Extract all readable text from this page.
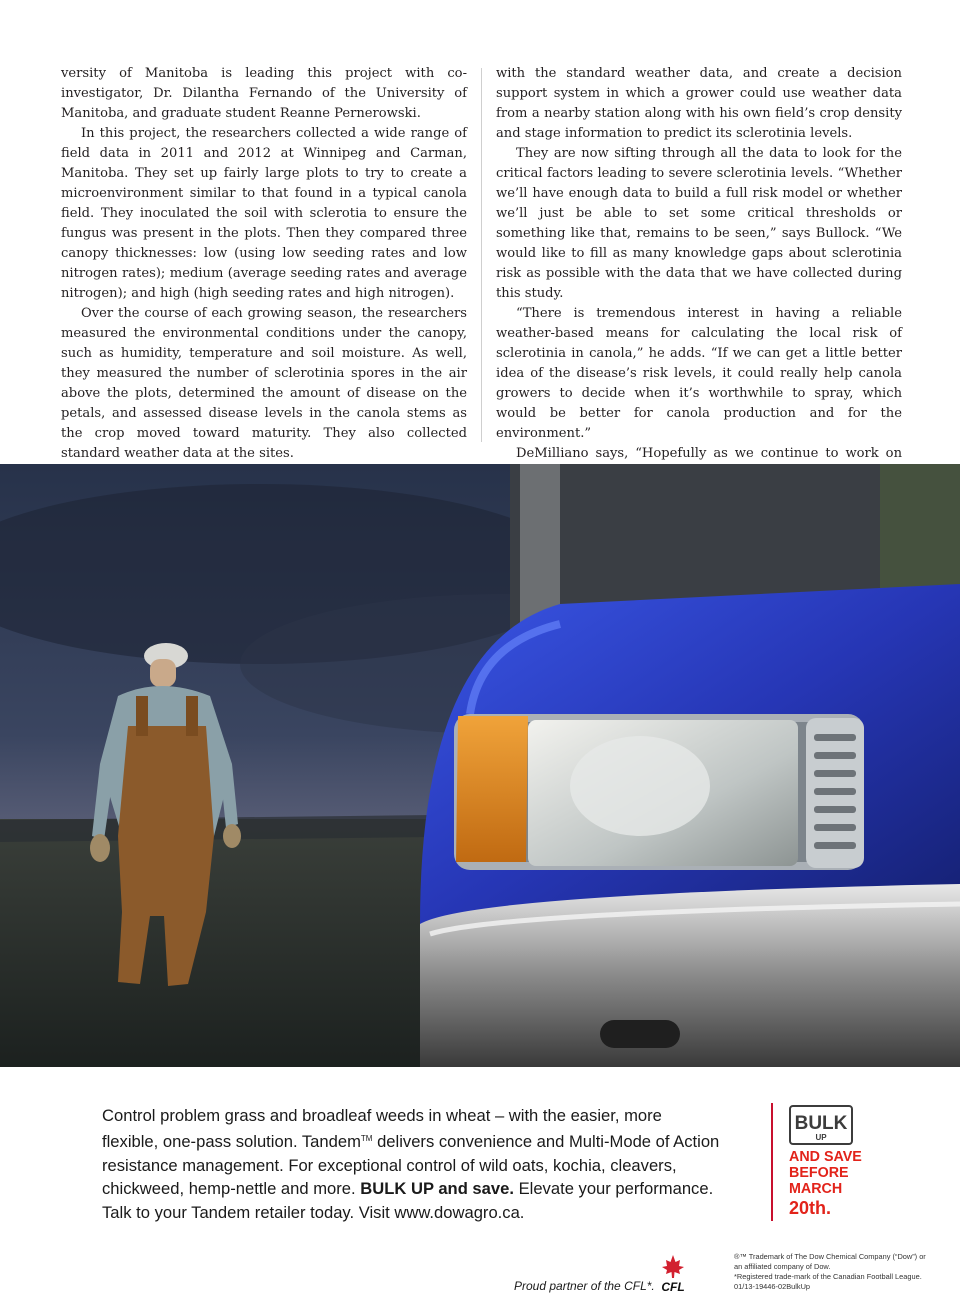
versity of Manitoba is leading this project with co-investigator, Dr. Dilantha Fernando of the University of Manitoba, and graduate student Reanne Pernerowski.

In this project, the researchers collected a wide range of field data in 2011 and 2012 at Winnipeg and Carman, Manitoba. They set up fairly large plots to try to create a microenvironment similar to that found in a typical canola field. They inoculated the soil with sclerotia to ensure the fungus was present in the plots. Then they compared three canopy thicknesses: low (using low seeding rates and low nitrogen rates); medium (average seeding rates and average nitrogen); and high (high seeding rates and high nitrogen).

Over the course of each growing season, the researchers measured the environmental conditions under the canopy, such as humidity, temperature and soil moisture. As well, they measured the number of sclerotinia spores in the air above the plots, determined the amount of disease on the petals, and assessed disease levels in the canola stems as the crop moved toward maturity. They also collected standard weather data at the sites.

with the standard weather data, and create a decision support system in which a grower could use weather data from a nearby station along with his own field’s crop density and stage information to predict its sclerotinia levels.

They are now sifting through all the data to look for the critical factors leading to severe sclerotinia levels. “Whether we’ll have enough data to build a full risk model or whether we’ll just be able to set some critical thresholds or something like that, remains to be seen,” says Bullock. “We would like to fill as many knowledge gaps about sclerotinia risk as possible with the data that we have collected during this study.

“There is tremendous interest in having a reliable weather-based means for calculating the local risk of sclerotinia in canola,” he adds. “If we can get a little better idea of the disease’s risk levels, it could really help canola growers to decide when it’s worthwhile to spray, which would be better for canola production and for the environment.”

DeMilliano says, “Hopefully as we continue to work on

Control problem grass and broadleaf weeds in wheat – with the easier, more
flexible, one-pass solution. Tandem™ delivers convenience and Multi-Mode of Action
resistance management. For exceptional control of wild oats, kochia, cleavers,
chickweed, hemp-nettle and more. BULK UP and save. Elevate your performance.
Talk to your Tandem retailer today. Visit www.dowagro.ca.
BULK
UP
AND SAVE
BEFORE
MARCH
20th.
Proud partner of the CFL*. CFL
®™ Trademark of The Dow Chemical Company (“Dow”) or
an affiliated company of Dow.
*Registered trade-mark of the Canadian Football League.
01/13-19446-02BulkUp
